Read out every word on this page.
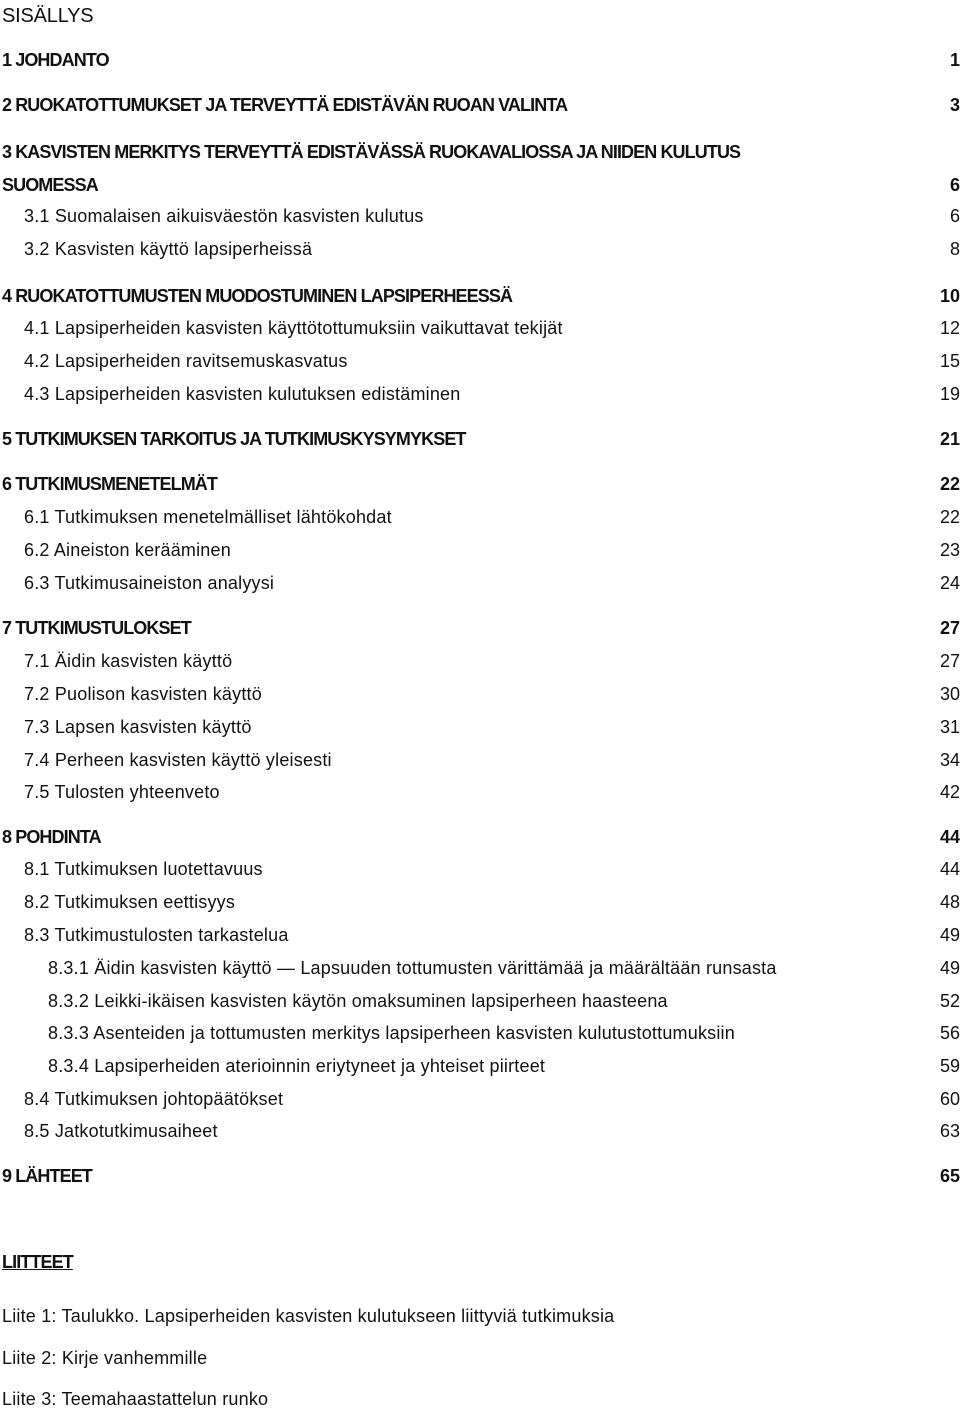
SISÄLLYS
1 JOHDANTO	1
2 RUOKATOTTUMUKSET JA TERVEYTTÄ EDISTÄVÄN RUOAN VALINTA	3
3 KASVISTEN MERKITYS TERVEYTTÄ EDISTÄVÄSSÄ RUOKAVALIOSSA JA NIIDEN KULUTUS
SUOMESSA	6
3.1 Suomalaisen aikuisväestön kasvisten kulutus	6
3.2 Kasvisten käyttö lapsiperheissä	8
4 RUOKATOTTUMUSTEN MUODOSTUMINEN LAPSIPERHEESSÄ	10
4.1 Lapsiperheiden kasvisten käyttötottumuksiin vaikuttavat tekijät	12
4.2 Lapsiperheiden ravitsemuskasvatus	15
4.3 Lapsiperheiden kasvisten kulutuksen edistäminen	19
5 TUTKIMUKSEN TARKOITUS JA TUTKIMUSKYSYMYKSET	21
6 TUTKIMUSMENETELMÄT	22
6.1 Tutkimuksen menetelmälliset lähtökohdat	22
6.2 Aineiston kerääminen	23
6.3 Tutkimusaineiston analyysi	24
7 TUTKIMUSTULOKSET	27
7.1 Äidin kasvisten käyttö	27
7.2 Puolison kasvisten käyttö	30
7.3 Lapsen kasvisten käyttö	31
7.4 Perheen kasvisten käyttö yleisesti	34
7.5 Tulosten yhteenveto	42
8 POHDINTA	44
8.1 Tutkimuksen luotettavuus	44
8.2 Tutkimuksen eettisyys	48
8.3 Tutkimustulosten tarkastelua	49
8.3.1 Äidin kasvisten käyttö — Lapsuuden tottumusten värittämää ja määrältään runsasta	49
8.3.2 Leikki-ikäisen kasvisten käytön omaksuminen lapsiperheen haasteena	52
8.3.3 Asenteiden ja tottumusten merkitys lapsiperheen kasvisten kulutustottumuksiin	56
8.3.4 Lapsiperheiden aterioinnin eriytyneet ja yhteiset piirteet	59
8.4 Tutkimuksen johtopäätökset	60
8.5 Jatkotutkimusaiheet	63
9 LÄHTEET	65
LIITTEET
Liite 1: Taulukko. Lapsiperheiden kasvisten kulutukseen liittyviä tutkimuksia
Liite 2: Kirje vanhemmille
Liite 3: Teemahaastattelun runko
